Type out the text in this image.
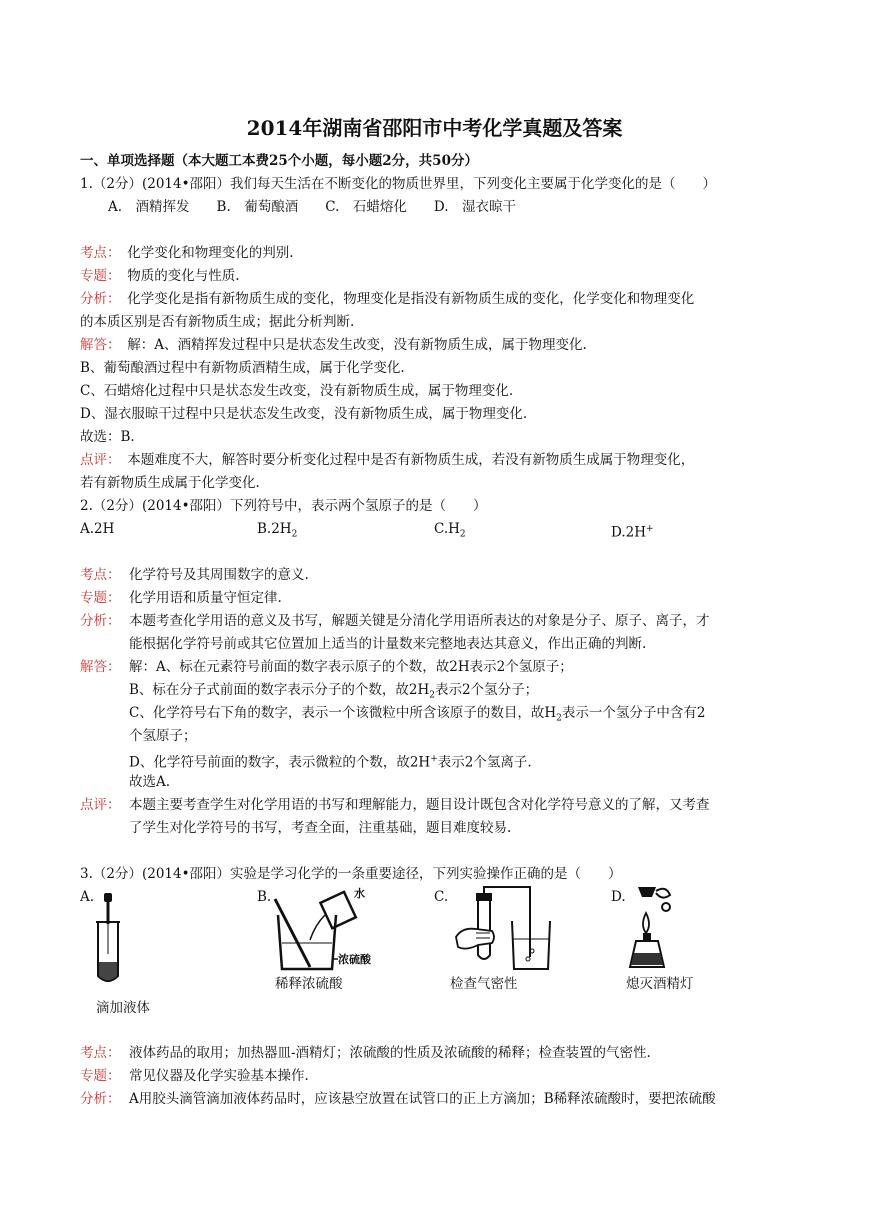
2014年湖南省邵阳市中考化学真题及答案
一、单项选择题（本大题工本费25个小题，每小题2分，共50分）
1.（2分）(2014•邵阳）我们每天生活在不断变化的物质世界里，下列变化主要属于化学变化的是（　　）
A.　酒精挥发　　B.　葡萄酿酒　　C.　石蜡熔化　　D.　湿衣晾干
考点：　化学变化和物理变化的判别.
专题：　物质的变化与性质.
分析：　化学变化是指有新物质生成的变化，物理变化是指没有新物质生成的变化，化学变化和物理变化
的本质区别是否有新物质生成；据此分析判断.
解答：　解：A、酒精挥发过程中只是状态发生改变，没有新物质生成，属于物理变化.
B、葡萄酿酒过程中有新物质酒精生成，属于化学变化.
C、石蜡熔化过程中只是状态发生改变，没有新物质生成，属于物理变化.
D、湿衣服晾干过程中只是状态发生改变，没有新物质生成，属于物理变化.
故选：B.
点评：　本题难度不大，解答时要分析变化过程中是否有新物质生成，若没有新物质生成属于物理变化，
若有新物质生成属于化学变化.
2.（2分）(2014•邵阳）下列符号中，表示两个氢原子的是（　　）
A.2H	$B.2H_2$	$C.H_2$	D.2H+
考点： 化学符号及其周围数字的意义.
专题： 化学用语和质量守恒定律.
分析： 本题考查化学用语的意义及书写，解题关键是分清化学用语所表达的对象是分子、原子、离子，才
能根据化学符号前或其它位置加上适当的计量数来完整地表达其意义，作出正确的判断.
解答： 解：A、标在元素符号前面的数字表示原子的个数，故2H表示2个氢原子；
B、标在分子式前面的数字表示分子的个数，故$2H_2$表示2个氢分子；
C、化学符号右下角的数字，表示一个该微粒中所含该原子的数目，故$H_2$表示一个氢分子中含有2
个氢原子；
D、化学符号前面的数字，表示微粒的个数，故2H+表示2个氢离子.
故选A.
点评： 本题主要考查学生对化学用语的书写和理解能力，题目设计既包含对化学符号意义的了解，又考查
了学生对化学符号的书写，考查全面，注重基础，题目难度较易.
3.（2分）(2014•邵阳）实验是学习化学的一条重要途径，下列实验操作正确的是（　　）
A.	B.	C.	D.
滴加液体
水
浓硫酸
稀释浓硫酸	检查气密性	熄灭酒精灯
考点： 液体药品的取用；加热器皿-酒精灯；浓硫酸的性质及浓硫酸的稀释；检查装置的气密性.
专题： 常见仪器及化学实验基本操作.
分析： A用胶头滴管滴加液体药品时，应该悬空放置在试管口的正上方滴加；B稀释浓硫酸时，要把浓硫酸
